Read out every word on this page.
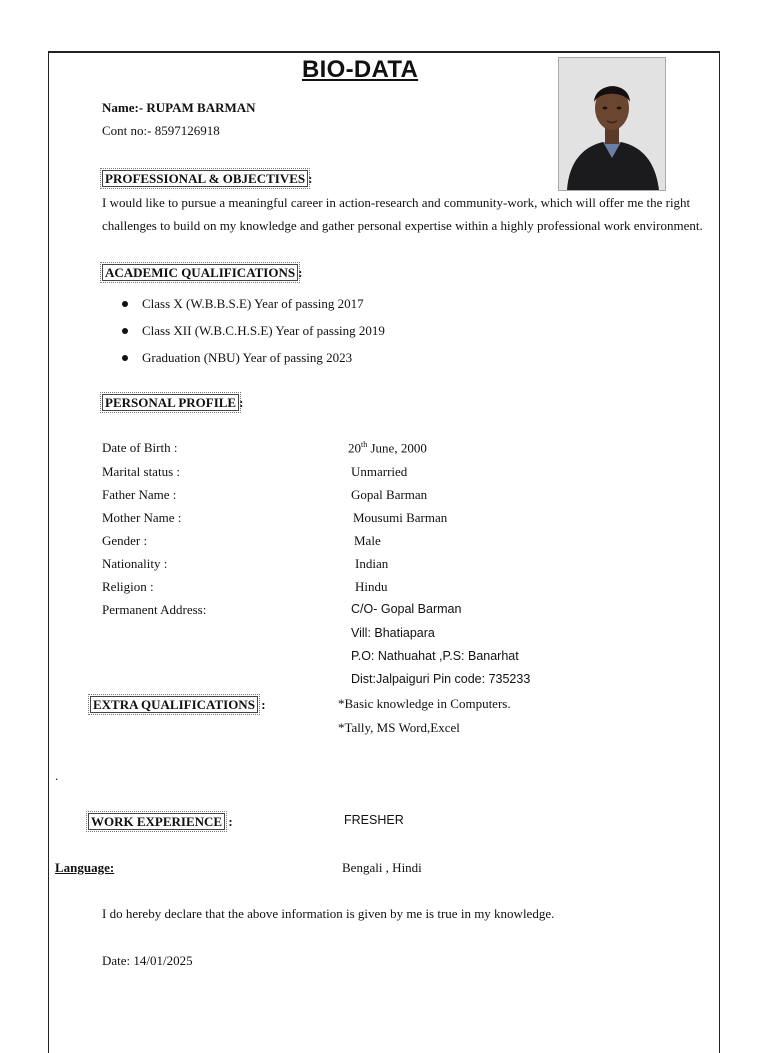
BIO-DATA
Name:- RUPAM BARMAN
Cont no:- 8597126918
PROFESSIONAL & OBJECTIVES :
I would like to pursue a meaningful career in action-research and community-work, which will offer me the right challenges to build on my knowledge and gather personal expertise within a highly professional work environment.
ACADEMIC QUALIFICATIONS :
Class X (W.B.B.S.E) Year of passing 2017
Class XII (W.B.C.H.S.E) Year of passing 2019
Graduation (NBU) Year of passing 2023
PERSONAL PROFILE :
Date of Birth :	20th June, 2000
Marital status :	Unmarried
Father Name :	Gopal Barman
Mother Name :	Mousumi Barman
Gender :	Male
Nationality :	Indian
Religion :	Hindu
Permanent Address:	C/O- Gopal Barman
Vill: Bhatiapara
P.O: Nathuahat ,P.S: Banarhat
Dist:Jalpaiguri Pin code: 735233
EXTRA QUALIFICATIONS :	*Basic knowledge in Computers.
*Tally, MS Word,Excel
.
WORK EXPERIENCE :	FRESHER
Language:	Bengali , Hindi
I do hereby declare that the above information is given by me is true in my knowledge.
Date: 14/01/2025
